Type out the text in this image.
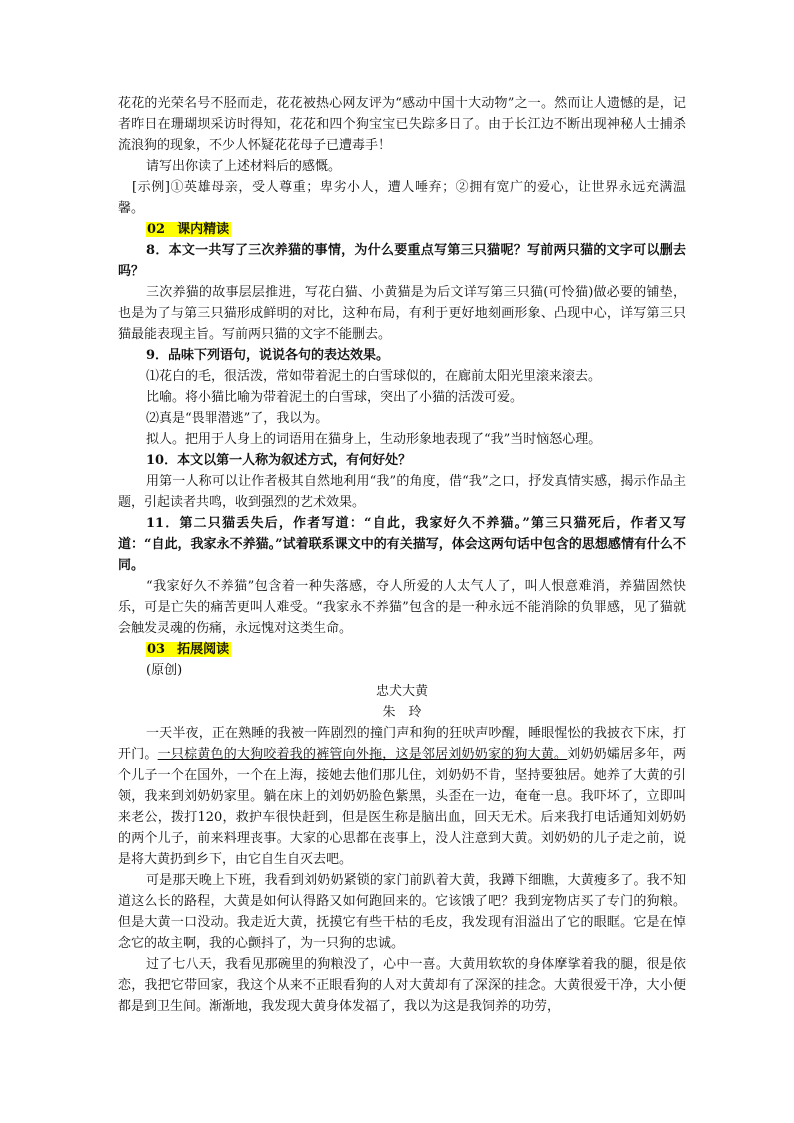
花花的光荣名号不胫而走，花花被热心网友评为“感动中国十大动物”之一。然而让人遗憾的是，记者昨日在珊瑚坝采访时得知，花花和四个狗宝宝已失踪多日了。由于长江边不断出现神秘人士捕杀流浪狗的现象，不少人怀疑花花母子已遭毒手！

请写出你读了上述材料后的感慨。

[示例]①英雄母亲，受人尊重；卑劣小人，遭人唾弃；②拥有宽广的爱心，让世界永远充满温馨。

02 课内精读

8．本文一共写了三次养猫的事情，为什么要重点写第三只猫呢？写前两只猫的文字可以删去吗？

三次养猫的故事层层推进，写花白猫、小黄猫是为后文详写第三只猫(可怜猫)做必要的铺垫，也是为了与第三只猫形成鲜明的对比，这种布局，有利于更好地刻画形象、凸现中心，详写第三只猫最能表现主旨。写前两只猫的文字不能删去。

9．品味下列语句，说说各句的表达效果。

⑴花白的毛，很活泼，常如带着泥土的白雪球似的，在廊前太阳光里滚来滚去。

比喻。将小猫比喻为带着泥土的白雪球，突出了小猫的活泼可爱。

⑵真是“畏罪潜逃”了，我以为。

拟人。把用于人身上的词语用在猫身上，生动形象地表现了“我”当时恼怒心理。

10．本文以第一人称为叙述方式，有何好处？

用第一人称可以让作者极其自然地利用“我”的角度，借“我”之口，抒发真情实感，揭示作品主题，引起读者共鸣，收到强烈的艺术效果。

11．第二只猫丢失后，作者写道：“自此，我家好久不养猫。”第三只猫死后，作者又写道：“自此，我家永不养猫。”试着联系课文中的有关描写，体会这两句话中包含的思想感情有什么不同。

“我家好久不养猫”包含着一种失落感，夺人所爱的人太气人了，叫人恨意难消，养猫固然快乐，可是亡失的痛苦更叫人难受。“我家永不养猫”包含的是一种永远不能消除的负罪感，见了猫就会触发灵魂的伤痛，永远愧对这类生命。

03 拓展阅读

(原创)

忠犬大黄

朱　玲

一天半夜，正在熟睡的我被一阵剧烈的撞门声和狗的狂吠声吵醒，睡眼惺忪的我披衣下床，打开门。一只棕黄色的大狗咬着我的裤管向外拖，这是邻居刘奶奶家的狗大黄。刘奶奶孀居多年，两个儿子一个在国外，一个在上海，接她去他们那儿住，刘奶奶不肯，坚持要独居。她养了大黄的引领，我来到刘奶奶家里。躺在床上的刘奶奶脸色紫黑，头歪在一边，奄奄一息。我吓坏了，立即叫来老公，拨打120，救护车很快赶到，但是医生称是脑出血，回天无术。后来我打电话通知刘奶奶的两个儿子，前来料理丧事。大家的心思都在丧事上，没人注意到大黄。刘奶奶的儿子走之前，说是将大黄扔到乡下，由它自生自灭去吧。

可是那天晚上下班，我看到刘奶奶紧锁的家门前趴着大黄，我蹲下细瞧，大黄瘦多了。我不知道这么长的路程，大黄是如何认得路又如何跑回来的。它该饿了吧？我到宠物店买了专门的狗粮。但是大黄一口没动。我走近大黄，抚摸它有些干枯的毛皮，我发现有泪溢出了它的眼眶。它是在悼念它的故主啊，我的心颤抖了，为一只狗的忠诚。

过了七八天，我看见那碗里的狗粮没了，心中一喜。大黄用软软的身体摩挲着我的腿，很是依恋，我把它带回家，我这个从来不正眼看狗的人对大黄却有了深深的挂念。大黄很爱干净，大小便都是到卫生间。渐渐地，我发现大黄身体发福了，我以为这是我饲养的功劳，
